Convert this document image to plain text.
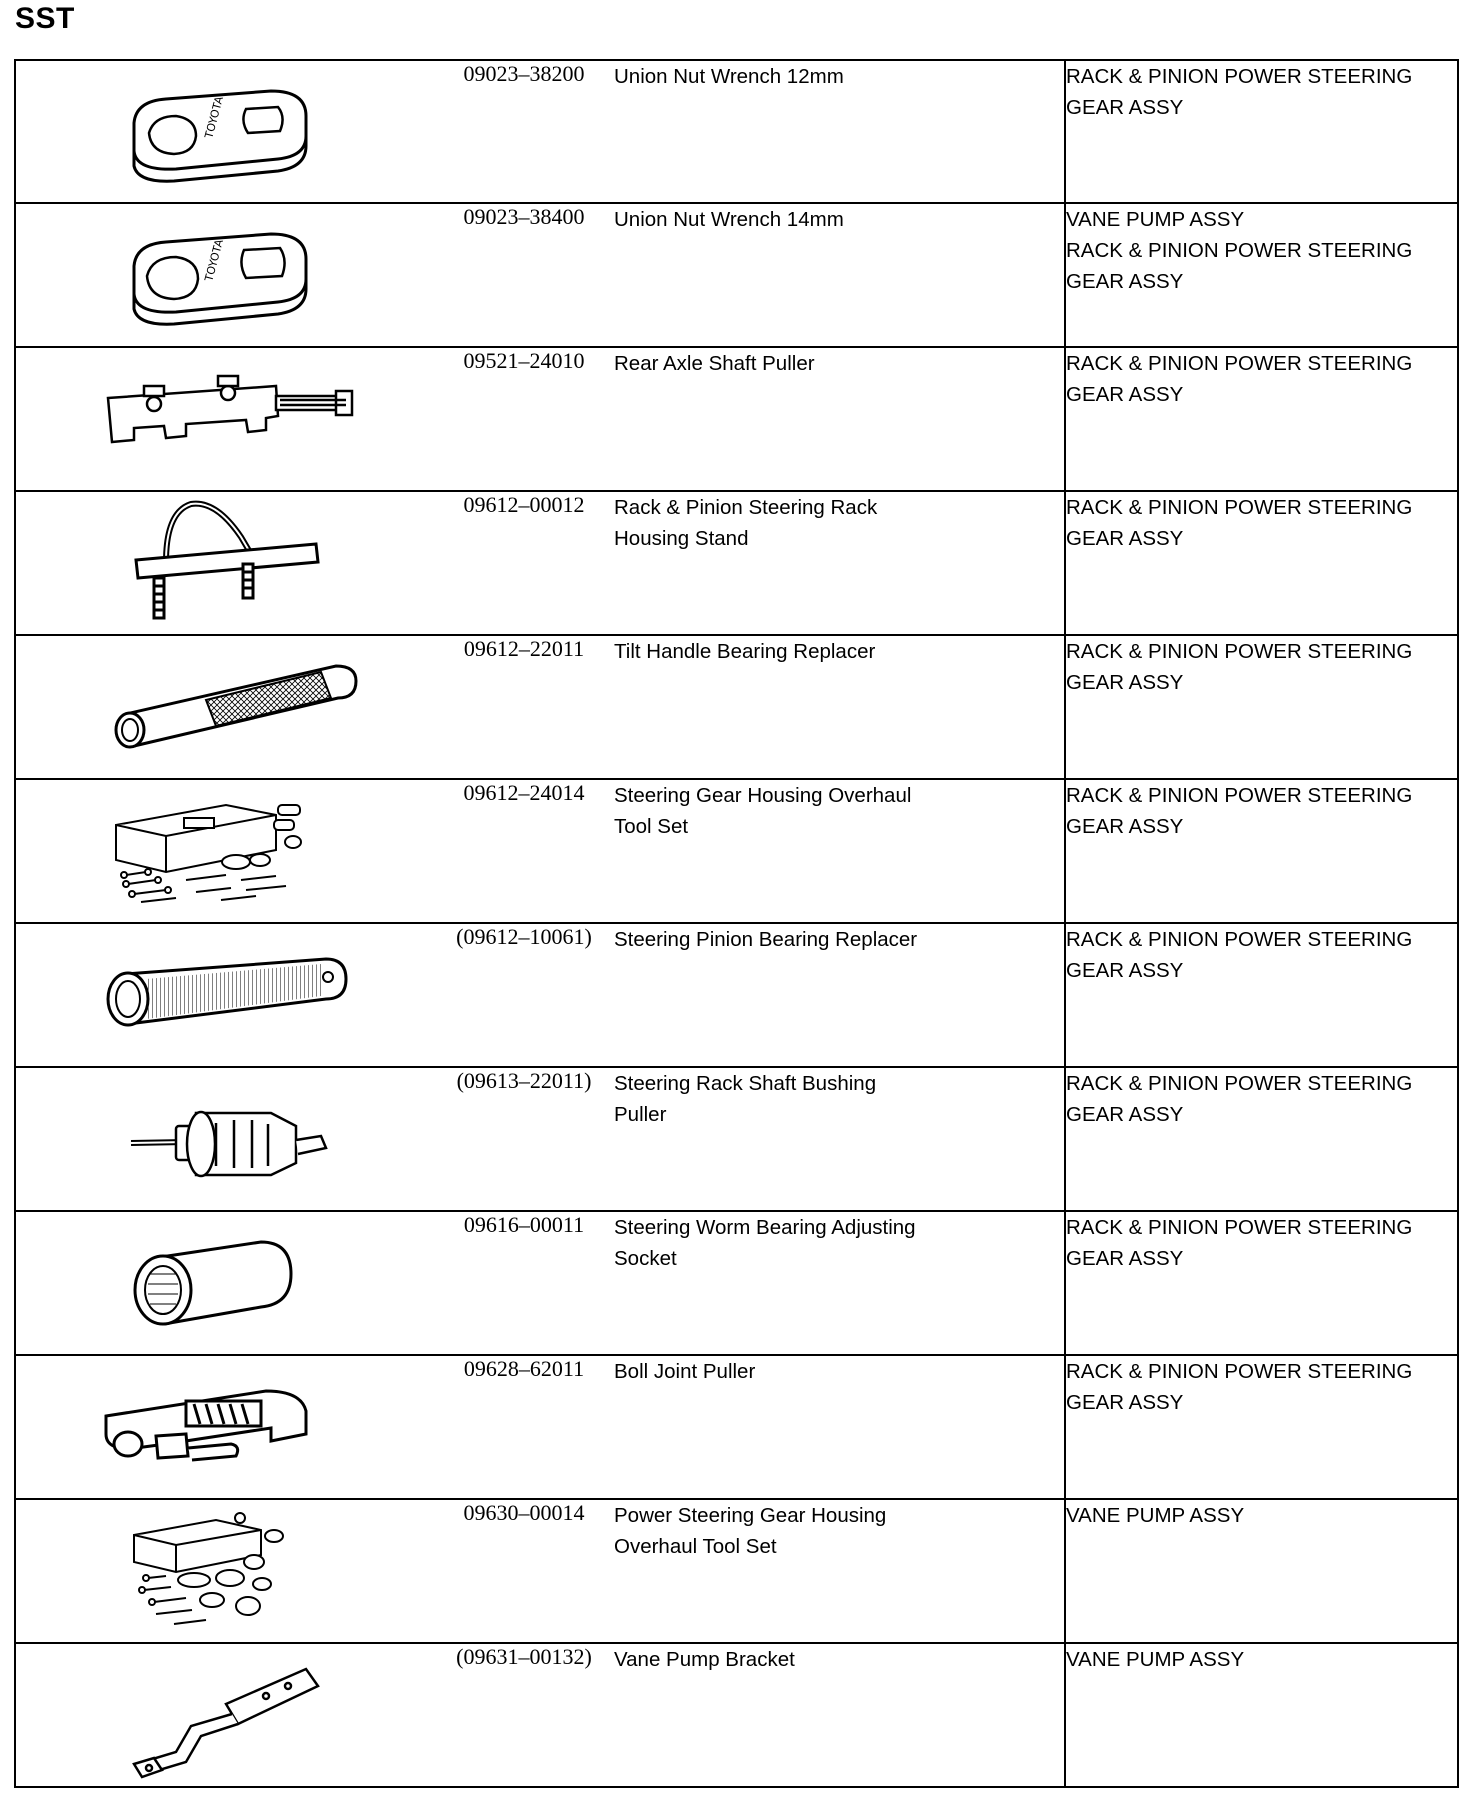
SST
TOYOTA	09023–38200	Union Nut Wrench 12mm	RACK & PINION POWER STEERING
GEAR ASSY

TOYOTA	09023–38400	Union Nut Wrench 14mm	VANE PUMP ASSY
RACK & PINION POWER STEERING
GEAR ASSY

	09521–24010	Rear Axle Shaft Puller	RACK & PINION POWER STEERING
GEAR ASSY

	09612–00012	Rack & Pinion Steering Rack
Housing Stand	RACK & PINION POWER STEERING
GEAR ASSY

	09612–22011	Tilt Handle Bearing Replacer	RACK & PINION POWER STEERING
GEAR ASSY

	09612–24014	Steering Gear Housing Overhaul
Tool Set	RACK & PINION POWER STEERING
GEAR ASSY

	(09612–10061)	Steering Pinion Bearing Replacer	RACK & PINION POWER STEERING
GEAR ASSY

	(09613–22011)	Steering Rack Shaft Bushing
Puller	RACK & PINION POWER STEERING
GEAR ASSY

	09616–00011	Steering Worm Bearing Adjusting
Socket	RACK & PINION POWER STEERING
GEAR ASSY

	09628–62011	Boll Joint Puller	RACK & PINION POWER STEERING
GEAR ASSY

	09630–00014	Power Steering Gear Housing
Overhaul Tool Set	VANE PUMP ASSY

	(09631–00132)	Vane Pump Bracket	VANE PUMP ASSY
